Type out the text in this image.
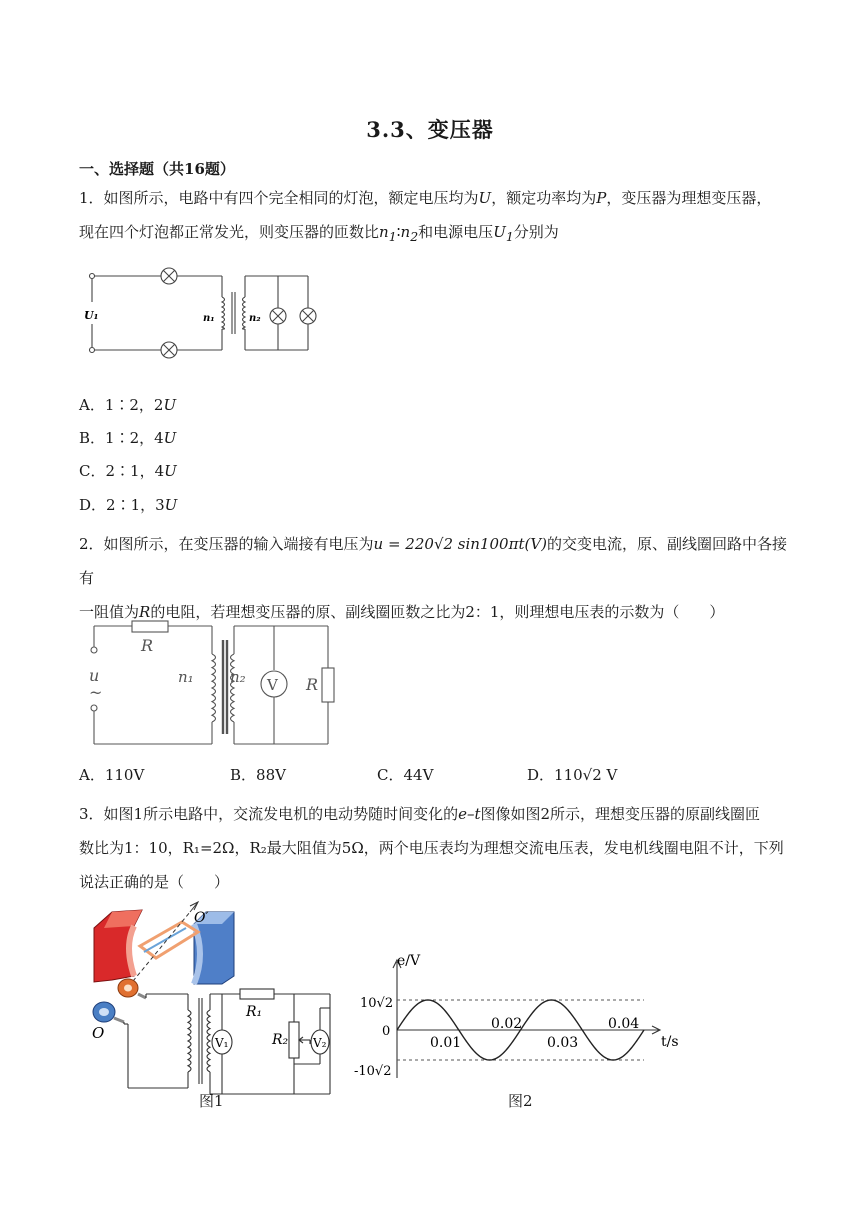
3.3、变压器
一、选择题（共16题）
1．如图所示，电路中有四个完全相同的灯泡，额定电压均为U，额定功率均为P，变压器为理想变压器，
现在四个灯泡都正常发光，则变压器的匝数比$n_1∶n_2$和电源电压$U_1$分别为
U₁	n₁	n₂
A．1∶2，2U
B．1∶2，4U
C．2∶1，4U
D．2∶1，3U
2．如图所示，在变压器的输入端接有电压为u = 220√2 sin100πt(V)的交变电流，原、副线圈回路中各接有
一阻值为R的电阻，若理想变压器的原、副线圈匝数之比为2：1，则理想电压表的示数为（　　）
R
u
~
n₁ n₂ V R
A．110V	B．88V	C．44V	D．110√2 V
3．如图1所示电路中，交流发电机的电动势随时间变化的e–t图像如图2所示，理想变压器的原副线圈匝
数比为1：10，R₁=2Ω，R₂最大阻值为5Ω，两个电压表均为理想交流电压表，发电机线圈电阻不计，下列
说法正确的是（　　）
O
O′
R₁
R₂
V₁	V₂
图1
e/V
t/s
10√2
0
-10√2
0.01
0.02
0.03
0.04
图2
